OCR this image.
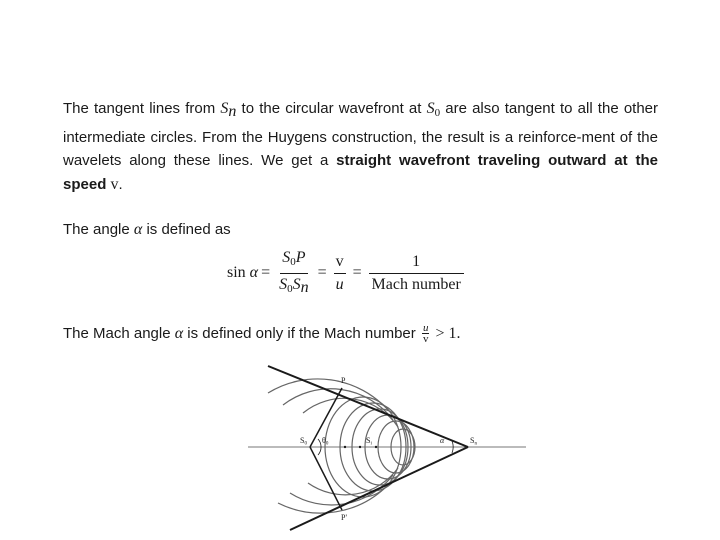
The tangent lines from $S_n$ to the circular wavefront at $S_0$ are also tangent to all the other intermediate circles. From the Huygens construction, the result is a reinforce-ment of the wavelets along these lines. We get a straight wavefront traveling outward at the speed v.
The angle α is defined as
$\sin \alpha = \frac{S_0P}{S_0S_n} = \frac{v}{u} = \frac{1}{\text{Mach number}}$
The Mach angle α is defined only if the Mach number $\frac{u}{v} > 1$.
P
P'
S0 θ0	Si	α	Sn
